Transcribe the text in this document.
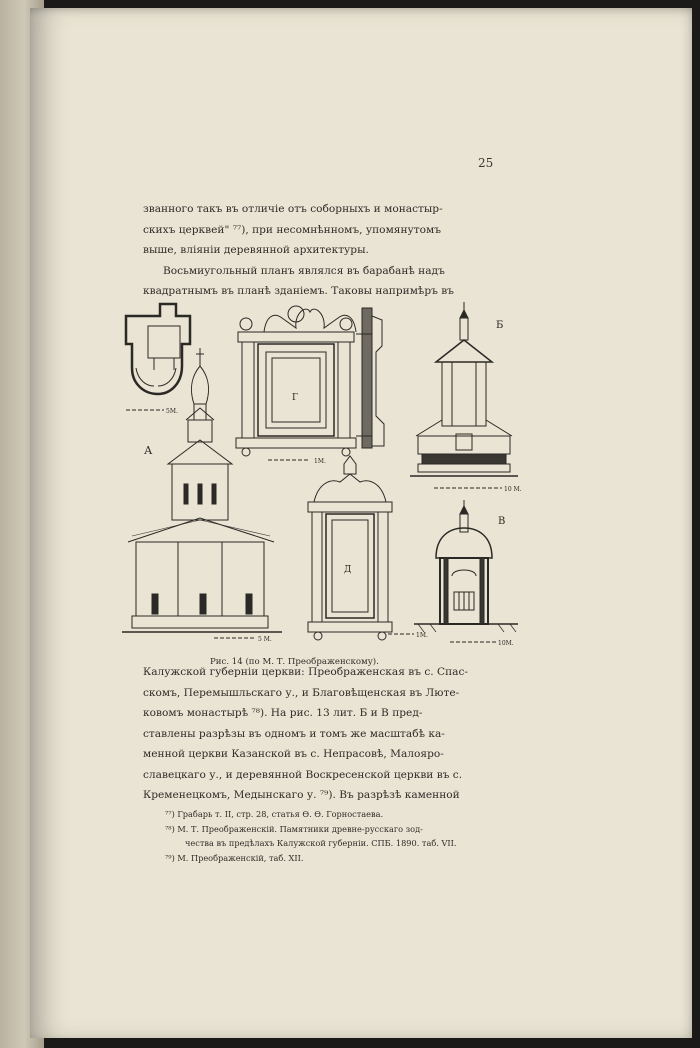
25

званного такъ въ отличіе отъ соборныхъ и монастыр-

скихъ церквей" ⁷⁷), при несомнѣнномъ, упомянутомъ

выше, вліяніи деревянной архитектуры.

Восьмиугольный планъ являлся въ барабанѣ надъ

квадратнымъ въ планѣ зданіемъ. Таковы напримѣръ въ

5М.
А
5 М.
Г
1М.
Б
10 М.
Д
1М.
В
10М.
Рис. 14 (по М. Т. Преображенскому).

Калужской губерніи церкви: Преображенская въ с. Спас-

скомъ, Перемышльскаго у., и Благовѣщенская въ Лютe-

ковомъ монастырѣ ⁷⁸). На рис. 13 лит. Б и В пред-

ставлены разрѣзы въ одномъ и томъ же масштабѣ ка-

менной церкви Казанской въ с. Непрасовѣ, Малояро-

славецкаго у., и деревянной Воскресенской церкви въ с.

Кременецкомъ, Медынскаго у. ⁷⁹). Въ разрѣзѣ каменной

⁷⁷) Грабарь т. II, стр. 28, статья Ѳ. Ѳ. Горностаева.

⁷⁸) М. Т. Преображенскій. Памятники древне-русскаго зод-

чества въ предѣлахъ Калужской губерніи. СПБ. 1890. таб. VII.

⁷⁹) М. Преображенскій, таб. XII.
